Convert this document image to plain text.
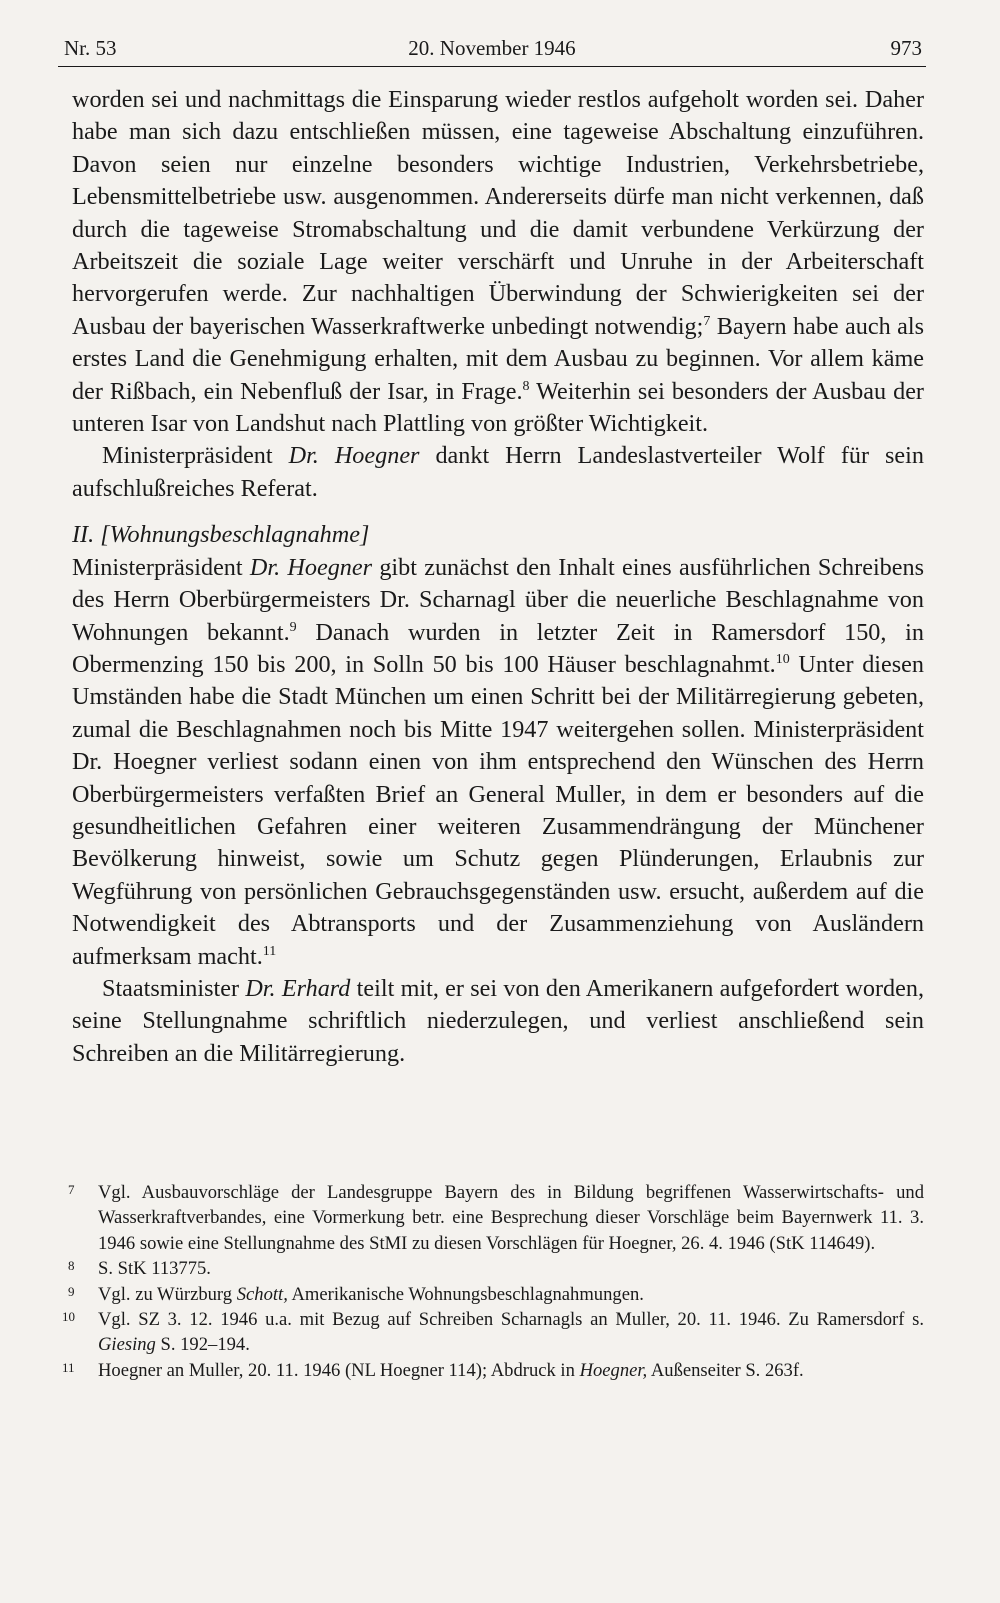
Nr. 53	20. November 1946	973

worden sei und nachmittags die Einsparung wieder restlos aufgeholt worden sei. Daher habe man sich dazu entschließen müssen, eine tageweise Abschaltung einzuführen. Davon seien nur einzelne besonders wichtige Industrien, Verkehrsbetriebe, Lebensmittelbetriebe usw. ausgenommen. Andererseits dürfe man nicht verkennen, daß durch die tageweise Stromabschaltung und die damit verbundene Verkürzung der Arbeitszeit die soziale Lage weiter verschärft und Unruhe in der Arbeiterschaft hervorgerufen werde. Zur nachhaltigen Überwindung der Schwierigkeiten sei der Ausbau der bayerischen Wasserkraftwerke unbedingt notwendig;$^7$ Bayern habe auch als erstes Land die Genehmigung erhalten, mit dem Ausbau zu beginnen. Vor allem käme der Rißbach, ein Nebenfluß der Isar, in Frage.$^8$ Weiterhin sei besonders der Ausbau der unteren Isar von Landshut nach Plattling von größter Wichtigkeit.

Ministerpräsident Dr. Hoegner dankt Herrn Landeslastverteiler Wolf für sein aufschlußreiches Referat.

II. [Wohnungsbeschlagnahme]

Ministerpräsident Dr. Hoegner gibt zunächst den Inhalt eines ausführlichen Schreibens des Herrn Oberbürgermeisters Dr. Scharnagl über die neuerliche Beschlagnahme von Wohnungen bekannt.$^9$ Danach wurden in letzter Zeit in Ramersdorf 150, in Obermenzing 150 bis 200, in Solln 50 bis 100 Häuser beschlagnahmt.$^{10}$ Unter diesen Umständen habe die Stadt München um einen Schritt bei der Militärregierung gebeten, zumal die Beschlagnahmen noch bis Mitte 1947 weitergehen sollen. Ministerpräsident Dr. Hoegner verliest sodann einen von ihm entsprechend den Wünschen des Herrn Oberbürgermeisters verfaßten Brief an General Muller, in dem er besonders auf die gesundheitlichen Gefahren einer weiteren Zusammendrängung der Münchener Bevölkerung hinweist, sowie um Schutz gegen Plünderungen, Erlaubnis zur Wegführung von persönlichen Gebrauchsgegenständen usw. ersucht, außerdem auf die Notwendigkeit des Abtransports und der Zusammenziehung von Ausländern aufmerksam macht.$^{11}$

Staatsminister Dr. Erhard teilt mit, er sei von den Amerikanern aufgefordert worden, seine Stellungnahme schriftlich niederzulegen, und verliest anschließend sein Schreiben an die Militärregierung.

7 Vgl. Ausbauvorschläge der Landesgruppe Bayern des in Bildung begriffenen Wasserwirtschafts- und Wasserkraftverbandes, eine Vormerkung betr. eine Besprechung dieser Vorschläge beim Bayernwerk 11. 3. 1946 sowie eine Stellungnahme des StMI zu diesen Vorschlägen für Hoegner, 26. 4. 1946 (StK 114649).

8 S. StK 113775.

9 Vgl. zu Würzburg Schott, Amerikanische Wohnungsbeschlagnahmungen.

10 Vgl. SZ 3. 12. 1946 u.a. mit Bezug auf Schreiben Scharnagls an Muller, 20. 11. 1946. Zu Ramersdorf s. Giesing S. 192–194.

11 Hoegner an Muller, 20. 11. 1946 (NL Hoegner 114); Abdruck in Hoegner, Außenseiter S. 263f.
